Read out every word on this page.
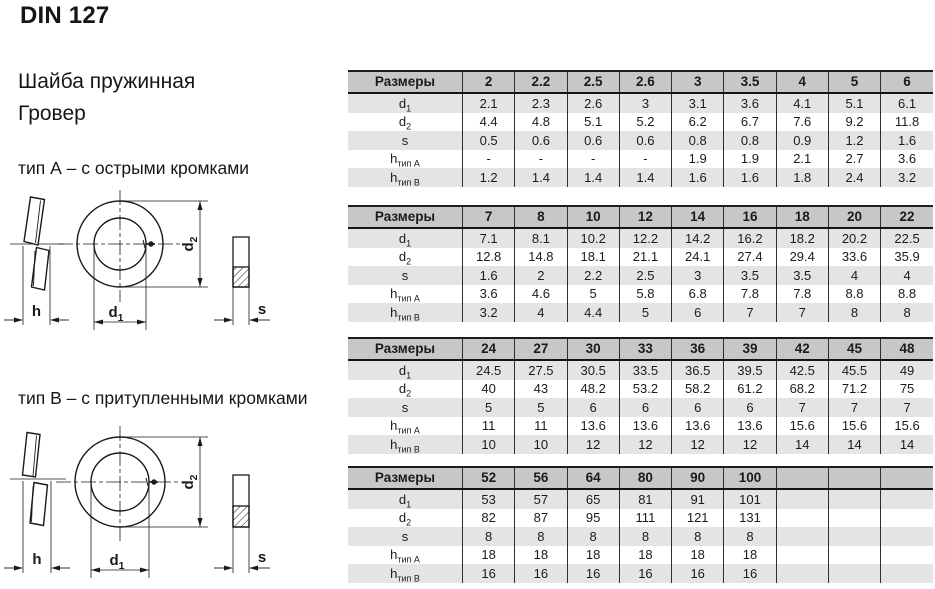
DIN 127
Шайба пружинная
Гровер
тип А – с острыми кромками
тип B – с притупленными кромками
h
$d_2$
$d_1$	s
h
$d_2$
$d_1$	s
Размеры	2	2.2	2.5	2.6	3	3.5	4	5	6
$d_1$	2.1	2.3	2.6	3	3.1	3.6	4.1	5.1	6.1
$d_2$	4.4	4.8	5.1	5.2	6.2	6.7	7.6	9.2	11.8
s	0.5	0.6	0.6	0.6	0.8	0.8	0.9	1.2	1.6
$h_{тип А}$	-	-	-	-	1.9	1.9	2.1	2.7	3.6
$h_{тип В}$	1.2	1.4	1.4	1.4	1.6	1.6	1.8	2.4	3.2
Размеры	7	8	10	12	14	16	18	20	22
$d_1$	7.1	8.1	10.2	12.2	14.2	16.2	18.2	20.2	22.5
$d_2$	12.8	14.8	18.1	21.1	24.1	27.4	29.4	33.6	35.9
s	1.6	2	2.2	2.5	3	3.5	3.5	4	4
$h_{тип А}$	3.6	4.6	5	5.8	6.8	7.8	7.8	8.8	8.8
$h_{тип В}$	3.2	4	4.4	5	6	7	7	8	8
Размеры	24	27	30	33	36	39	42	45	48
$d_1$	24.5	27.5	30.5	33.5	36.5	39.5	42.5	45.5	49
$d_2$	40	43	48.2	53.2	58.2	61.2	68.2	71.2	75
s	5	5	6	6	6	6	7	7	7
$h_{тип А}$	11	11	13.6	13.6	13.6	13.6	15.6	15.6	15.6
$h_{тип В}$	10	10	12	12	12	12	14	14	14
Размеры	52	56	64	80	90	100			
$d_1$	53	57	65	81	91	101			
$d_2$	82	87	95	111	121	131			
s	8	8	8	8	8	8			
$h_{тип А}$	18	18	18	18	18	18			
$h_{тип В}$	16	16	16	16	16	16			
